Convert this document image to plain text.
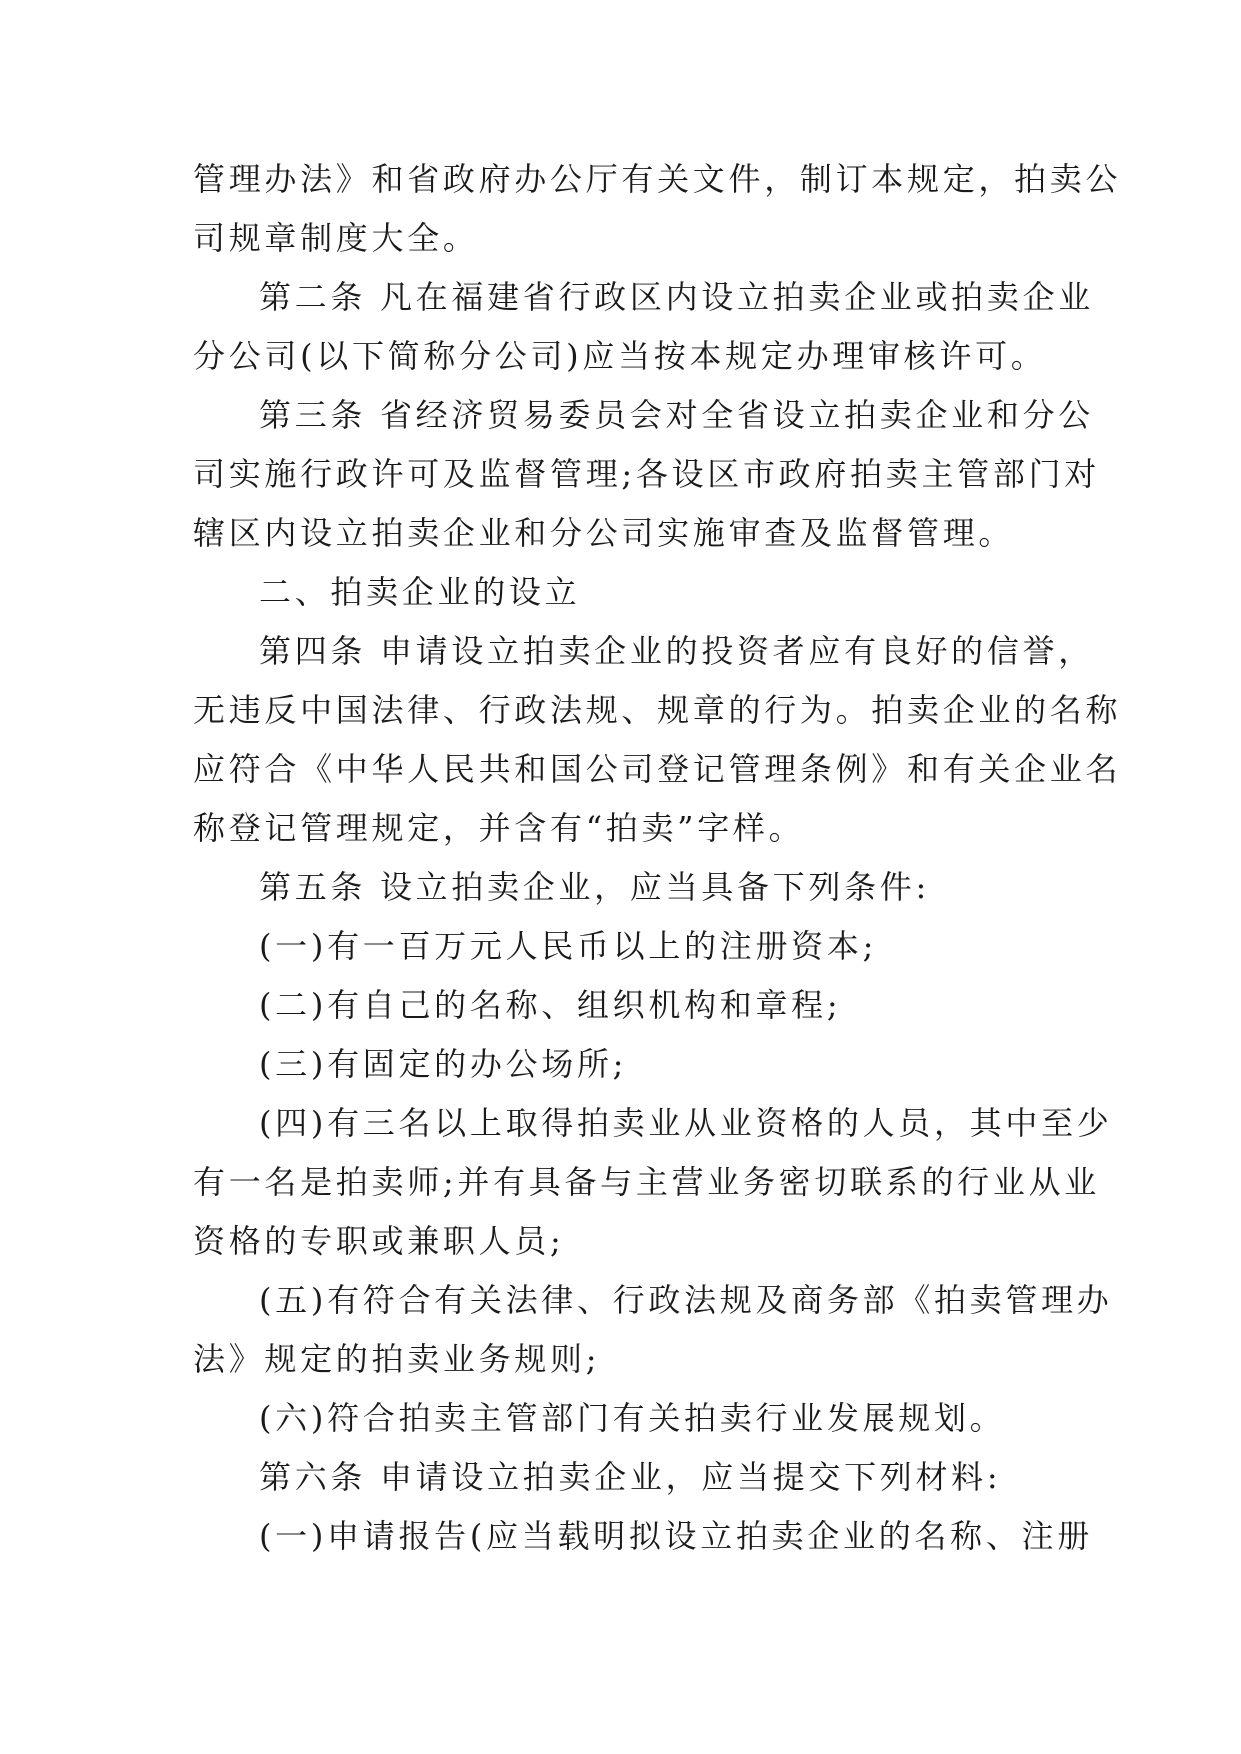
管理办法》和省政府办公厅有关文件，制订本规定，拍卖公
司规章制度大全。
第二条 凡在福建省行政区内设立拍卖企业或拍卖企业
分公司(以下简称分公司)应当按本规定办理审核许可。
第三条 省经济贸易委员会对全省设立拍卖企业和分公
司实施行政许可及监督管理;各设区市政府拍卖主管部门对
辖区内设立拍卖企业和分公司实施审查及监督管理。
二、拍卖企业的设立
第四条 申请设立拍卖企业的投资者应有良好的信誉，
无违反中国法律、行政法规、规章的行为。拍卖企业的名称
应符合《中华人民共和国公司登记管理条例》和有关企业名
称登记管理规定，并含有“拍卖”字样。
第五条 设立拍卖企业，应当具备下列条件:
(一)有一百万元人民币以上的注册资本;
(二)有自己的名称、组织机构和章程;
(三)有固定的办公场所;
(四)有三名以上取得拍卖业从业资格的人员，其中至少
有一名是拍卖师;并有具备与主营业务密切联系的行业从业
资格的专职或兼职人员;
(五)有符合有关法律、行政法规及商务部《拍卖管理办
法》规定的拍卖业务规则;
(六)符合拍卖主管部门有关拍卖行业发展规划。
第六条 申请设立拍卖企业，应当提交下列材料:
(一)申请报告(应当载明拟设立拍卖企业的名称、注册
